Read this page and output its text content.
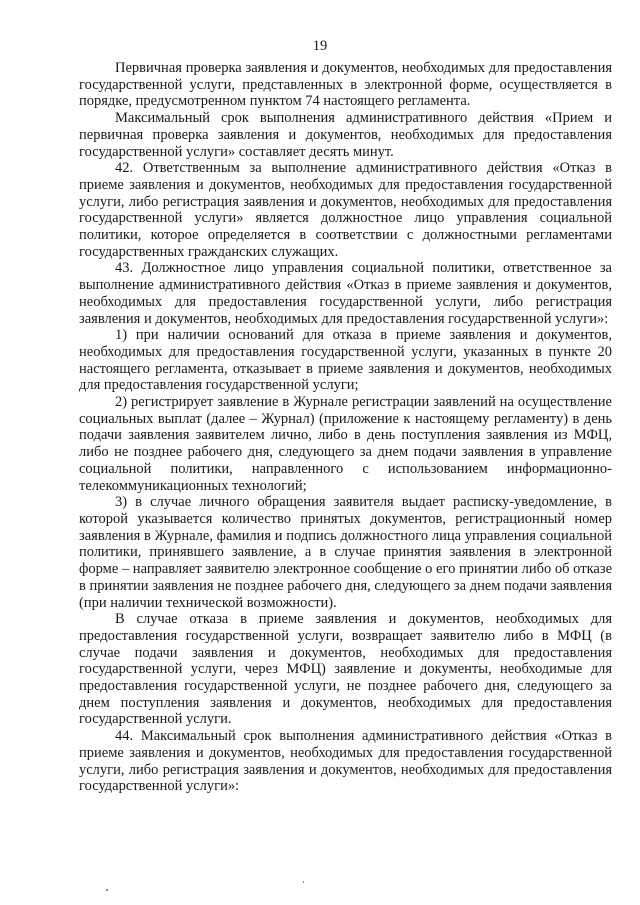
19

Первичная проверка заявления и документов, необходимых для предоставления государственной услуги, представленных в электронной форме, осуществляется в порядке, предусмотренном пунктом 74 настоящего регламента.

Максимальный срок выполнения административного действия «Прием и первичная проверка заявления и документов, необходимых для предоставления государственной услуги» составляет десять минут.

42. Ответственным за выполнение административного действия «Отказ в приеме заявления и документов, необходимых для предоставления государственной услуги, либо регистрация заявления и документов, необходимых для предоставления государственной услуги» является должностное лицо управления социальной политики, которое определяется в соответствии с должностными регламентами государственных гражданских служащих.

43. Должностное лицо управления социальной политики, ответственное за выполнение административного действия «Отказ в приеме заявления и документов, необходимых для предоставления государственной услуги, либо регистрация заявления и документов, необходимых для предоставления государственной услуги»:

1) при наличии оснований для отказа в приеме заявления и документов, необходимых для предоставления государственной услуги, указанных в пункте 20 настоящего регламента, отказывает в приеме заявления и документов, необходимых для предоставления государственной услуги;

2) регистрирует заявление в Журнале регистрации заявлений на осуществление социальных выплат (далее – Журнал) (приложение к настоящему регламенту) в день подачи заявления заявителем лично, либо в день поступления заявления из МФЦ, либо не позднее рабочего дня, следующего за днем подачи заявления в управление социальной политики, направленного с использованием информационно-телекоммуникационных технологий;

3) в случае личного обращения заявителя выдает расписку-уведомление, в которой указывается количество принятых документов, регистрационный номер заявления в Журнале, фамилия и подпись должностного лица управления социальной политики, принявшего заявление, а в случае принятия заявления в электронной форме – направляет заявителю электронное сообщение о его принятии либо об отказе в принятии заявления не позднее рабочего дня, следующего за днем подачи заявления (при наличии технической возможности).

В случае отказа в приеме заявления и документов, необходимых для предоставления государственной услуги, возвращает заявителю либо в МФЦ (в случае подачи заявления и документов, необходимых для предоставления государственной услуги, через МФЦ) заявление и документы, необходимые для предоставления государственной услуги, не позднее рабочего дня, следующего за днем поступления заявления и документов, необходимых для предоставления государственной услуги.

44. Максимальный срок выполнения административного действия «Отказ в приеме заявления и документов, необходимых для предоставления государственной услуги, либо регистрация заявления и документов, необходимых для предоставления государственной услуги»:
